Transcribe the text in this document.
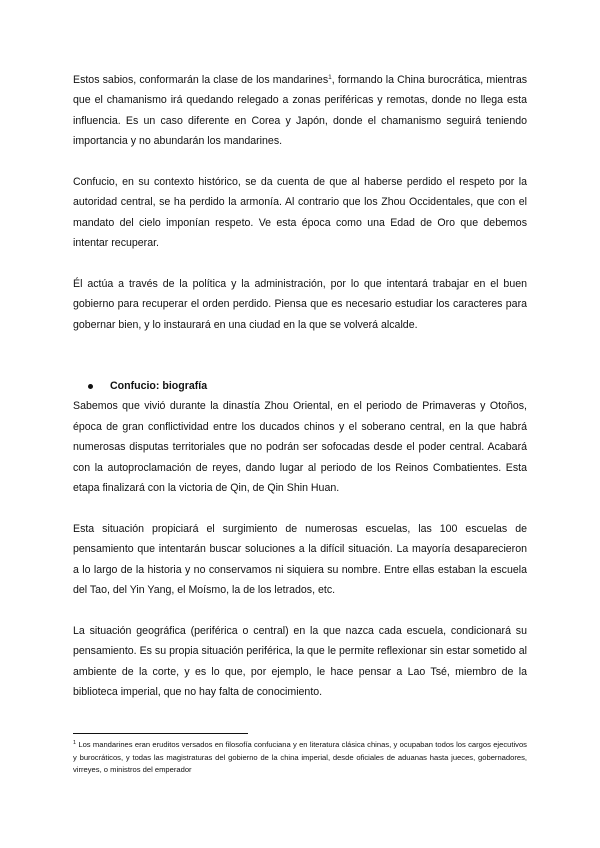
Estos sabios, conformarán la clase de los mandarines$^1$, formando la China burocrática, mientras que el chamanismo irá quedando relegado a zonas periféricas y remotas, donde no llega esta influencia. Es un caso diferente en Corea y Japón, donde el chamanismo seguirá teniendo importancia y no abundarán los mandarines.

Confucio, en su contexto histórico, se da cuenta de que al haberse perdido el respeto por la autoridad central, se ha perdido la armonía. Al contrario que los Zhou Occidentales, que con el mandato del cielo imponían respeto. Ve esta época como una Edad de Oro que debemos intentar recuperar.

Él actúa a través de la política y la administración, por lo que intentará trabajar en el buen gobierno para recuperar el orden perdido. Piensa que es necesario estudiar los caracteres para gobernar bien, y lo instaurará en una ciudad en la que se volverá alcalde.

Confucio: biografía

Sabemos que vivió durante la dinastía Zhou Oriental, en el periodo de Primaveras y Otoños, época de gran conflictividad entre los ducados chinos y el soberano central, en la que habrá numerosas disputas territoriales que no podrán ser sofocadas desde el poder central. Acabará con la autoproclamación de reyes, dando lugar al periodo de los Reinos Combatientes. Esta etapa finalizará con la victoria de Qin, de Qin Shin Huan.

Esta situación propiciará el surgimiento de numerosas escuelas, las 100 escuelas de pensamiento que intentarán buscar soluciones a la difícil situación. La mayoría desaparecieron a lo largo de la historia y no conservamos ni siquiera su nombre. Entre ellas estaban la escuela del Tao, del Yin Yang, el Moísmo, la de los letrados, etc.

La situación geográfica (periférica o central) en la que nazca cada escuela, condicionará su pensamiento. Es su propia situación periférica, la que le permite reflexionar sin estar sometido al ambiente de la corte, y es lo que, por ejemplo, le hace pensar a Lao Tsé, miembro de la biblioteca imperial, que no hay falta de conocimiento.

$^1$ Los mandarines eran eruditos versados en filosofía confuciana y en literatura clásica chinas, y ocupaban todos los cargos ejecutivos y burocráticos, y todas las magistraturas del gobierno de la china imperial, desde oficiales de aduanas hasta jueces, gobernadores, virreyes, o ministros del emperador
